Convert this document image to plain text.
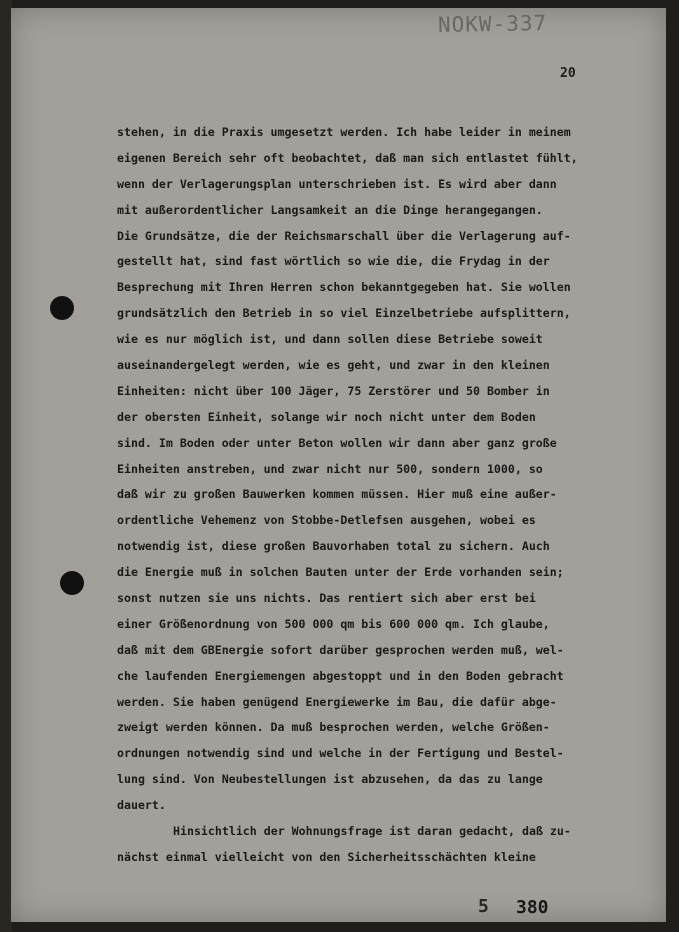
NOKW-337
20
stehen, in die Praxis umgesetzt werden. Ich habe leider in meinem
eigenen Bereich sehr oft beobachtet, daß man sich entlastet fühlt,
wenn der Verlagerungsplan unterschrieben ist. Es wird aber dann
mit außerordentlicher Langsamkeit an die Dinge herangegangen.
Die Grundsätze, die der Reichsmarschall über die Verlagerung auf-
gestellt hat, sind fast wörtlich so wie die, die Frydag in der
Besprechung mit Ihren Herren schon bekanntgegeben hat. Sie wollen
grundsätzlich den Betrieb in so viel Einzelbetriebe aufsplittern,
wie es nur möglich ist, und dann sollen diese Betriebe soweit
auseinandergelegt werden, wie es geht, und zwar in den kleinen
Einheiten: nicht über 100 Jäger, 75 Zerstörer und 50 Bomber in
der obersten Einheit, solange wir noch nicht unter dem Boden
sind. Im Boden oder unter Beton wollen wir dann aber ganz große
Einheiten anstreben, und zwar nicht nur 500, sondern 1000, so
daß wir zu großen Bauwerken kommen müssen. Hier muß eine außer-
ordentliche Vehemenz von Stobbe-Detlefsen ausgehen, wobei es
notwendig ist, diese großen Bauvorhaben total zu sichern. Auch
die Energie muß in solchen Bauten unter der Erde vorhanden sein;
sonst nutzen sie uns nichts. Das rentiert sich aber erst bei
einer Größenordnung von 500 000 qm bis 600 000 qm. Ich glaube,
daß mit dem GBEnergie sofort darüber gesprochen werden muß, wel-
che laufenden Energiemengen abgestoppt und in den Boden gebracht
werden. Sie haben genügend Energiewerke im Bau, die dafür abge-
zweigt werden können. Da muß besprochen werden, welche Größen-
ordnungen notwendig sind und welche in der Fertigung und Bestel-
lung sind. Von Neubestellungen ist abzusehen, da das zu lange
dauert.
Hinsichtlich der Wohnungsfrage ist daran gedacht, daß zu-
nächst einmal vielleicht von den Sicherheitsschächten kleine
5 380
